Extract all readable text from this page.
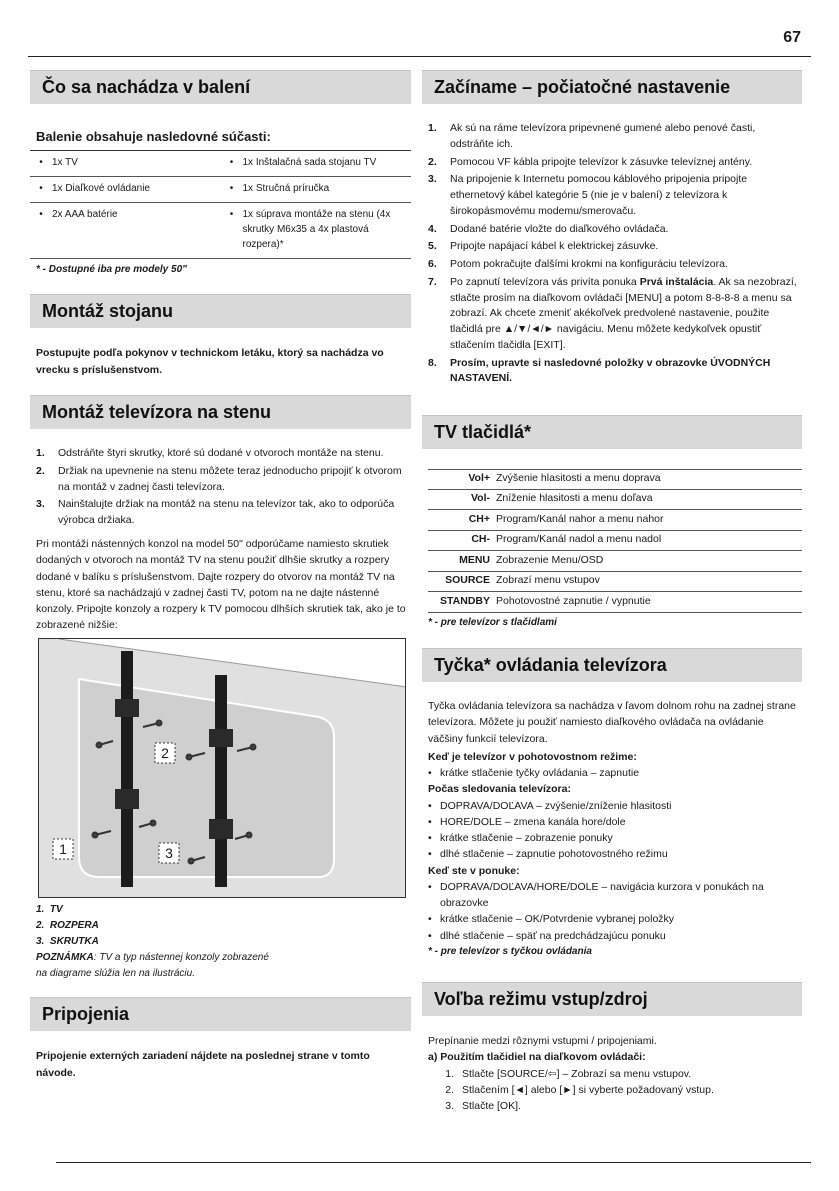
67
Čo sa nachádza v balení
Balenie obsahuje nasledovné súčasti:
• 1x TV	• 1x Inštalačná sada stojanu TV
• 1x Diaľkové ovládanie	• 1x Stručná príručka
• 2x AAA batérie	• 1x súprava montáže na stenu (4x skrutky M6x35 a 4x plastová rozpera)*
* - Dostupné iba pre modely 50"
Montáž stojanu
Postupujte podľa pokynov v technickom letáku, ktorý sa nachádza vo vrecku s príslušenstvom.
Montáž televízora na stenu
1.	Odstráňte štyri skrutky, ktoré sú dodané v otvoroch montáže na stenu.
2.	Držiak na upevnenie na stenu môžete teraz jednoducho pripojiť k otvorom na montáž v zadnej časti televízora.
3.	Nainštalujte držiak na montáž na stenu na televízor tak, ako to odporúča výrobca držiaka.
Pri montáži nástenných konzol na model 50" odporúčame namiesto skrutiek dodaných v otvoroch na montáž TV na stenu použiť dlhšie skrutky a rozpery dodané v balíku s príslušenstvom. Dajte rozpery do otvorov na montáž TV na stenu, ktoré sa nachádzajú v zadnej časti TV, potom na ne dajte nástenné konzoly. Pripojte konzoly a rozpery k TV pomocou dlhších skrutiek tak, ako je to zobrazené nižšie:
2
1	3
1. TV
2. ROZPERA
3. SKRUTKA
POZNÁMKA: TV a typ nástennej konzoly zobrazené
na diagrame slúžia len na ilustráciu.
Pripojenia
Pripojenie externých zariadení nájdete na poslednej strane v tomto návode.
Začíname – počiatočné nastavenie
1.	Ak sú na ráme televízora pripevnené gumené alebo penové časti, odstráňte ich.
2.	Pomocou VF kábla pripojte televízor k zásuvke televíznej antény.
3.	Na pripojenie k Internetu pomocou káblového pripojenia pripojte ethernetový kábel kategórie 5 (nie je v balení) z televízora k širokopásmovému modemu/smerovaču.
4.	Dodané batérie vložte do diaľkového ovládača.
5.	Pripojte napájací kábel k elektrickej zásuvke.
6.	Potom pokračujte ďalšími krokmi na konfiguráciu televízora.
7.	Po zapnutí televízora vás privíta ponuka Prvá inštalácia. Ak sa nezobrazí, stlačte prosím na diaľkovom ovládači [MENU] a potom 8-8-8-8 a menu sa zobrazí. Ak chcete zmeniť akékoľvek predvolené nastavenie, použite tlačidlá pre ▲/▼/◄/► navigáciu. Menu môžete kedykoľvek opustiť stlačením tlačidla [EXIT].
8.	Prosím, upravte si nasledovné položky v obrazovke ÚVODNÝCH NASTAVENÍ.
TV tlačidlá*
Vol+ Zvýšenie hlasitosti a menu doprava
Vol- Zníženie hlasitosti a menu doľava
CH+ Program/Kanál nahor a menu nahor
CH- Program/Kanál nadol a menu nadol
MENU Zobrazenie Menu/OSD
SOURCE Zobrazí menu vstupov
STANDBY Pohotovostné zapnutie / vypnutie
* - pre televízor s tlačidlami
Tyčka* ovládania televízora
Tyčka ovládania televízora sa nachádza v ľavom dolnom rohu na zadnej strane televízora. Môžete ju použiť namiesto diaľkového ovládača na ovládanie väčšiny funkcií televízora.
Keď je televízor v pohotovostnom režime:
• krátke stlačenie tyčky ovládania – zapnutie
Počas sledovania televízora:
• DOPRAVA/DOĽAVA – zvýšenie/zníženie hlasitosti
• HORE/DOLE – zmena kanála hore/dole
• krátke stlačenie – zobrazenie ponuky
• dlhé stlačenie – zapnutie pohotovostného režimu
Keď ste v ponuke:
• DOPRAVA/DOĽAVA/HORE/DOLE – navigácia kurzora v ponukách na obrazovke
• krátke stlačenie – OK/Potvrdenie vybranej položky
• dlhé stlačenie – späť na predchádzajúcu ponuku
* - pre televízor s tyčkou ovládania
Voľba režimu vstup/zdroj
Prepínanie medzi rôznymi vstupmi / pripojeniami.
a) Použitím tlačidiel na diaľkovom ovládači:
1. Stlačte [SOURCE/⇦] – Zobrazí sa menu vstupov.
2. Stlačením [◄] alebo [►] si vyberte požadovaný vstup.
3. Stlačte [OK].
